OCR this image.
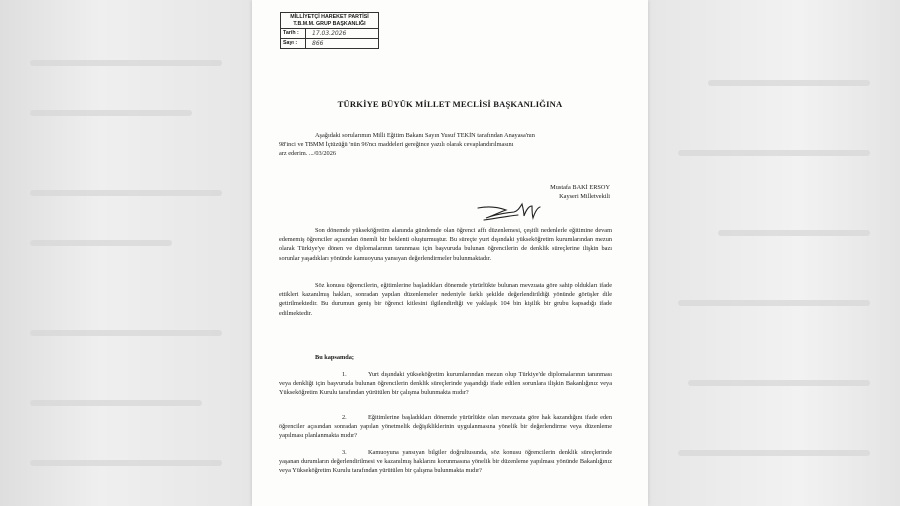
MİLLİYETÇİ HAREKET PARTİSİ
T.B.M.M. GRUP BAŞKANLIĞI
Tarih :	17.03.2026
Sayı :	866
TÜRKİYE BÜYÜK MİLLET MECLİSİ BAŞKANLIĞINA
Aşağıdaki sorularımın Milli Eğitim Bakanı Sayın Yusuf TEKİN tarafından Anayasa'nın
98'inci ve TBMM İçtüzüğü 'nün 96'ncı maddeleri gereğince yazılı olarak cevaplandırılmasını
arz ederim. .../03/2026
Mustafa BAKİ ERSOY
Kayseri Milletvekili
Son dönemde yükseköğretim alanında gündemde olan öğrenci affı düzenlemesi, çeşitli nedenlerle eğitimine devam edememiş öğrenciler açısından önemli bir beklenti oluşturmuştur. Bu süreçte yurt dışındaki yükseköğretim kurumlarından mezun olarak Türkiye'ye dönen ve diplomalarının tanınması için başvuruda bulunan öğrencilerin de denklik süreçlerine ilişkin bazı sorunlar yaşadıkları yönünde kamuoyuna yansıyan değerlendirmeler bulunmaktadır.
Söz konusu öğrencilerin, eğitimlerine başladıkları dönemde yürürlükte bulunan mevzuata göre sahip oldukları ifade ettikleri kazanılmış hakları, sonradan yapılan düzenlemeler nedeniyle farklı şekilde değerlendirildiği yönünde görüşler dile getirilmektedir. Bu durumun geniş bir öğrenci kitlesini ilgilendirdiği ve yaklaşık 104 bin kişilik bir grubu kapsadığı ifade edilmektedir.
Bu kapsamda;
1.	Yurt dışındaki yükseköğretim kurumlarından mezun olup Türkiye'de diplomalarının tanınması veya denkliği için başvuruda bulunan öğrencilerin denklik süreçlerinde yaşandığı ifade edilen sorunlara ilişkin Bakanlığınız veya Yükseköğretim Kurulu tarafından yürütülen bir çalışma bulunmakta mıdır?
2.	Eğitimlerine başladıkları dönemde yürürlükte olan mevzuata göre hak kazandığını ifade eden öğrenciler açısından sonradan yapılan yönetmelik değişikliklerinin uygulanmasına yönelik bir değerlendirme veya düzenleme yapılması planlanmakta mıdır?
3.	Kamuoyuna yansıyan bilgiler doğrultusunda, söz konusu öğrencilerin denklik süreçlerinde yaşanan durumların değerlendirilmesi ve kazanılmış haklarını korunmasına yönelik bir düzenleme yapılması yönünde Bakanlığınız veya Yükseköğretim Kurulu tarafından yürütülen bir çalışma bulunmakta mıdır?
